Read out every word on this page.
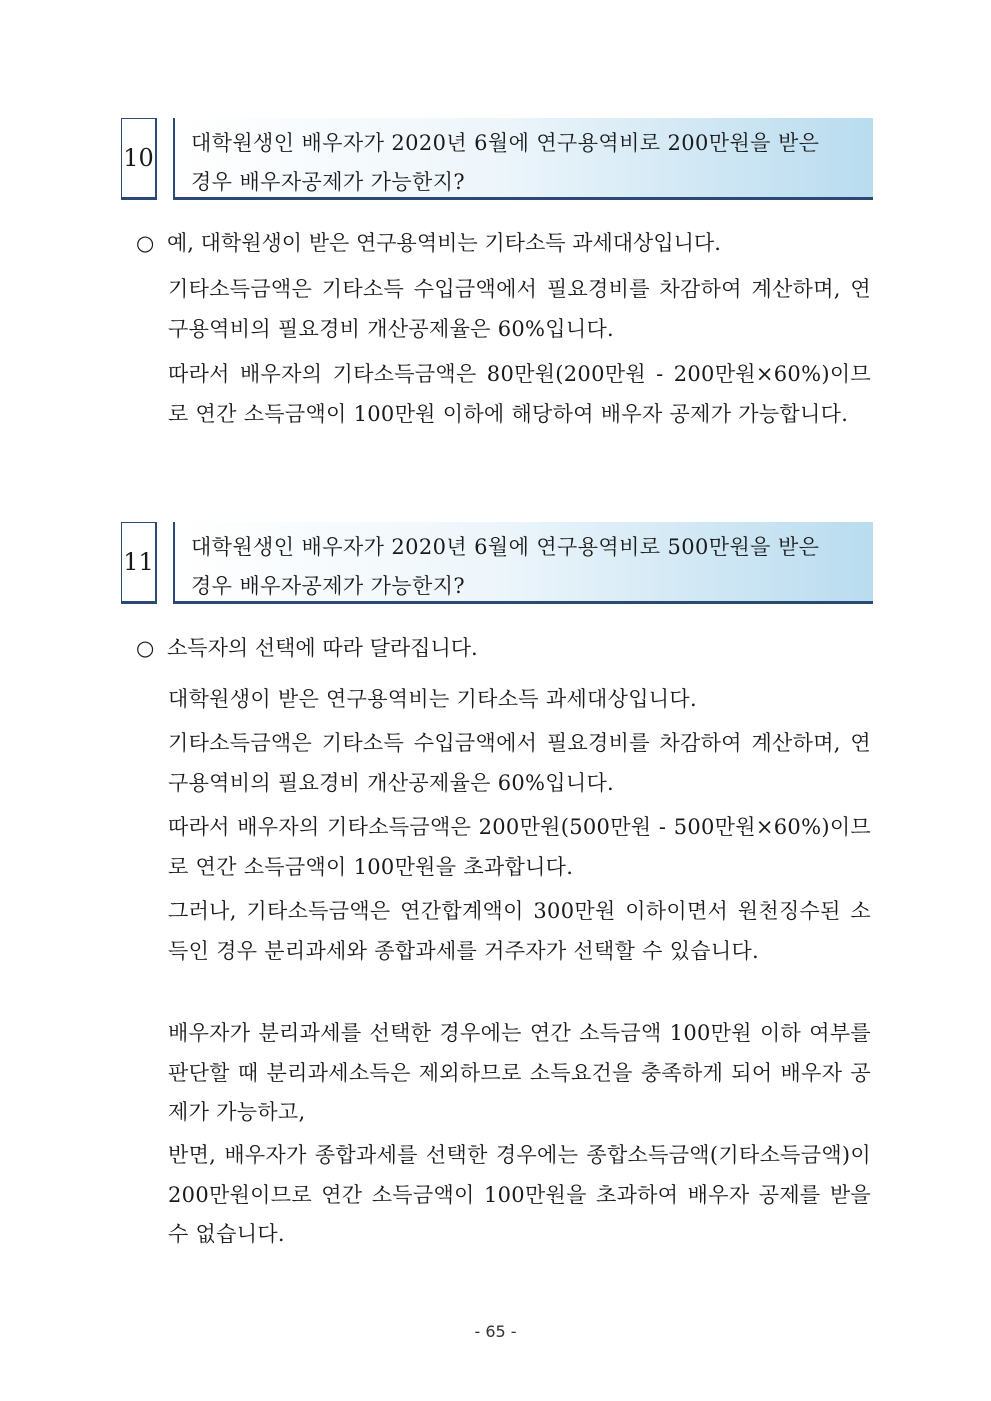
10
대학원생인 배우자가 2020년 6월에 연구용역비로 200만원을 받은
경우 배우자공제가 가능한지?
○ 예, 대학원생이 받은 연구용역비는 기타소득 과세대상입니다.
기타소득금액은 기타소득 수입금액에서 필요경비를 차감하여 계산하며, 연구용역비의 필요경비 개산공제율은 60%입니다.
따라서 배우자의 기타소득금액은 80만원(200만원 - 200만원×60%)이므로 연간 소득금액이 100만원 이하에 해당하여 배우자 공제가 가능합니다.
11
대학원생인 배우자가 2020년 6월에 연구용역비로 500만원을 받은
경우 배우자공제가 가능한지?
○ 소득자의 선택에 따라 달라집니다.
대학원생이 받은 연구용역비는 기타소득 과세대상입니다.
기타소득금액은 기타소득 수입금액에서 필요경비를 차감하여 계산하며, 연구용역비의 필요경비 개산공제율은 60%입니다.
따라서 배우자의 기타소득금액은 200만원(500만원 - 500만원×60%)이므로 연간 소득금액이 100만원을 초과합니다.
그러나, 기타소득금액은 연간합계액이 300만원 이하이면서 원천징수된 소득인 경우 분리과세와 종합과세를 거주자가 선택할 수 있습니다.
배우자가 분리과세를 선택한 경우에는 연간 소득금액 100만원 이하 여부를 판단할 때 분리과세소득은 제외하므로 소득요건을 충족하게 되어 배우자 공제가 가능하고,
반면, 배우자가 종합과세를 선택한 경우에는 종합소득금액(기타소득금액)이 200만원이므로 연간 소득금액이 100만원을 초과하여 배우자 공제를 받을 수 없습니다.
- 65 -
